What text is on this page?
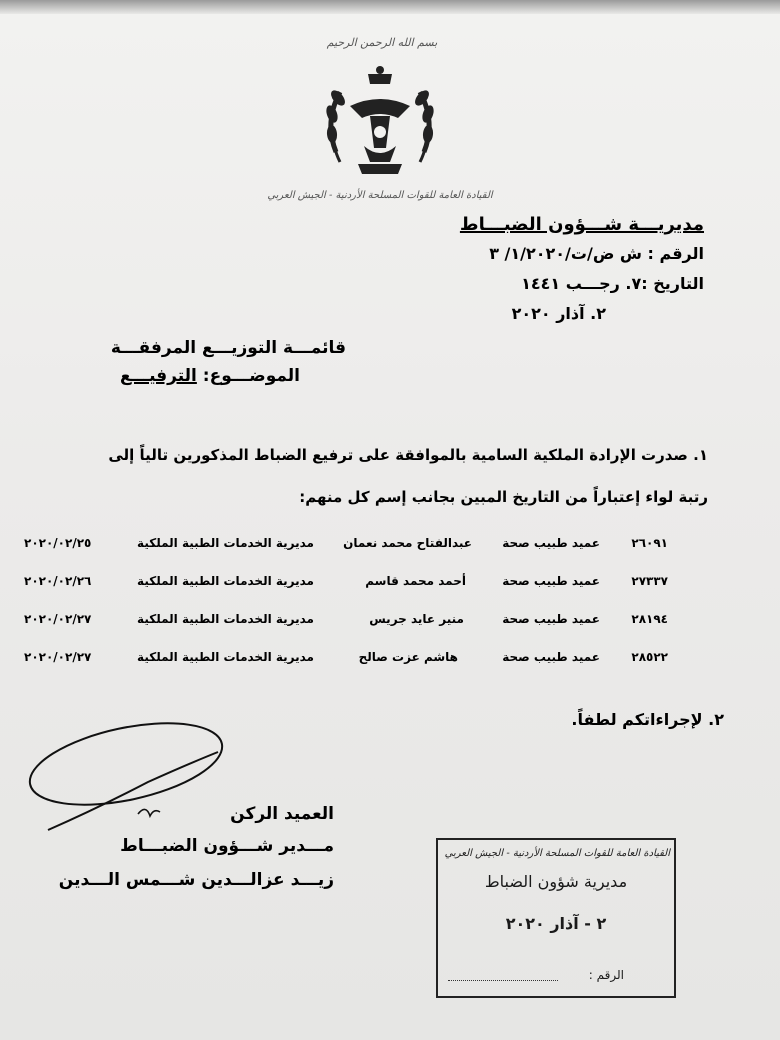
بسم الله الرحمن الرحيم
القيادة العامة للقوات المسلحة الأردنية - الجيش العربي
مديريـــة شـــؤون الضبـــاط
الرقم : ش ض/ت/١/٢٠٢٠/ ٣
التاريخ :٧. رجـــب ١٤٤١
٢. آذار ٢٠٢٠
قائمـــة التوزيـــع المرفقـــة
الموضـــوع: الترفيـــع
١. صدرت الإرادة الملكية السامية بالموافقة على ترفيع الضباط المذكورين تالياً إلى
رتبة لواء إعتباراً من التاريخ المبين بجانب إسم كل منهم:
٢٦٠٩١
عميد طبيب صحة
عبدالفتاح محمد نعمان
مديرية الخدمات الطبية الملكية
٢٠٢٠/٠٢/٢٥
٢٧٣٣٧
عميد طبيب صحة
أحمد محمد قاسم
مديرية الخدمات الطبية الملكية
٢٠٢٠/٠٢/٢٦
٢٨١٩٤
عميد طبيب صحة
منير عايد جريس
مديرية الخدمات الطبية الملكية
٢٠٢٠/٠٢/٢٧
٢٨٥٢٢
عميد طبيب صحة
هاشم عزت صالح
مديرية الخدمات الطبية الملكية
٢٠٢٠/٠٢/٢٧
٢. لإجراءاتكم لطفاً.
العميد الركن
مـــدير شـــؤون الضبـــاط
زيـــد عزالـــدين شـــمس الـــدين
القيادة العامة للقوات المسلحة الأردنية - الجيش العربي
مديرية شؤون الضباط
٢ - آذار ٢٠٢٠
الرقم :
